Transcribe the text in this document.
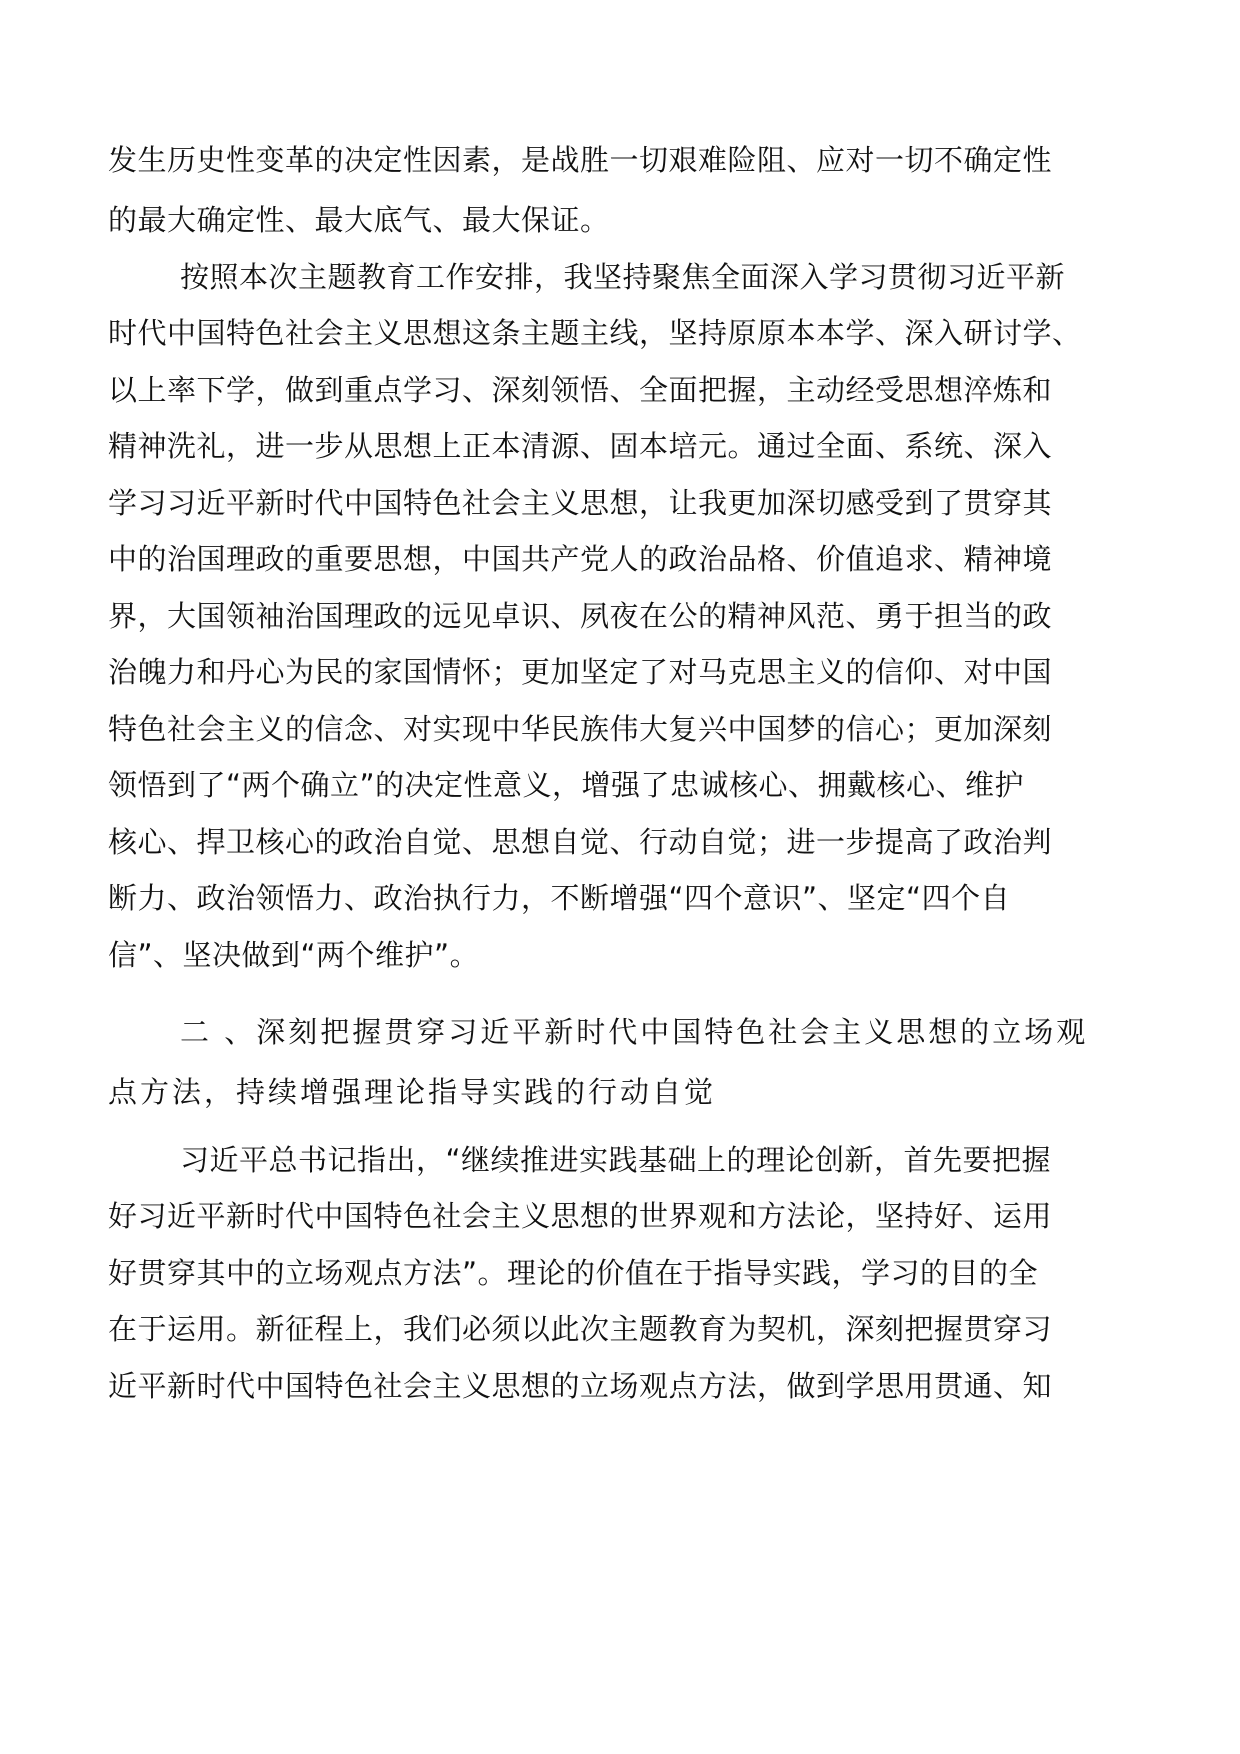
发生历史性变革的决定性因素，是战胜一切艰难险阻、应对一切不确定性
的最大确定性、最大底气、最大保证。
按照本次主题教育工作安排，我坚持聚焦全面深入学习贯彻习近平新
时代中国特色社会主义思想这条主题主线，坚持原原本本学、深入研讨学、
以上率下学，做到重点学习、深刻领悟、全面把握，主动经受思想淬炼和
精神洗礼，进一步从思想上正本清源、固本培元。通过全面、系统、深入
学习习近平新时代中国特色社会主义思想，让我更加深切感受到了贯穿其
中的治国理政的重要思想，中国共产党人的政治品格、价值追求、精神境
界，大国领袖治国理政的远见卓识、夙夜在公的精神风范、勇于担当的政
治魄力和丹心为民的家国情怀；更加坚定了对马克思主义的信仰、对中国
特色社会主义的信念、对实现中华民族伟大复兴中国梦的信心；更加深刻
领悟到了“两个确立”的决定性意义，增强了忠诚核心、拥戴核心、维护
核心、捍卫核心的政治自觉、思想自觉、行动自觉；进一步提高了政治判
断力、政治领悟力、政治执行力，不断增强“四个意识”、坚定“四个自
信”、坚决做到“两个维护”。
二 、深刻把握贯穿习近平新时代中国特色社会主义思想的立场观
点方法，持续增强理论指导实践的行动自觉
习近平总书记指出，“继续推进实践基础上的理论创新，首先要把握
好习近平新时代中国特色社会主义思想的世界观和方法论，坚持好、运用
好贯穿其中的立场观点方法”。理论的价值在于指导实践，学习的目的全
在于运用。新征程上，我们必须以此次主题教育为契机，深刻把握贯穿习
近平新时代中国特色社会主义思想的立场观点方法，做到学思用贯通、知
